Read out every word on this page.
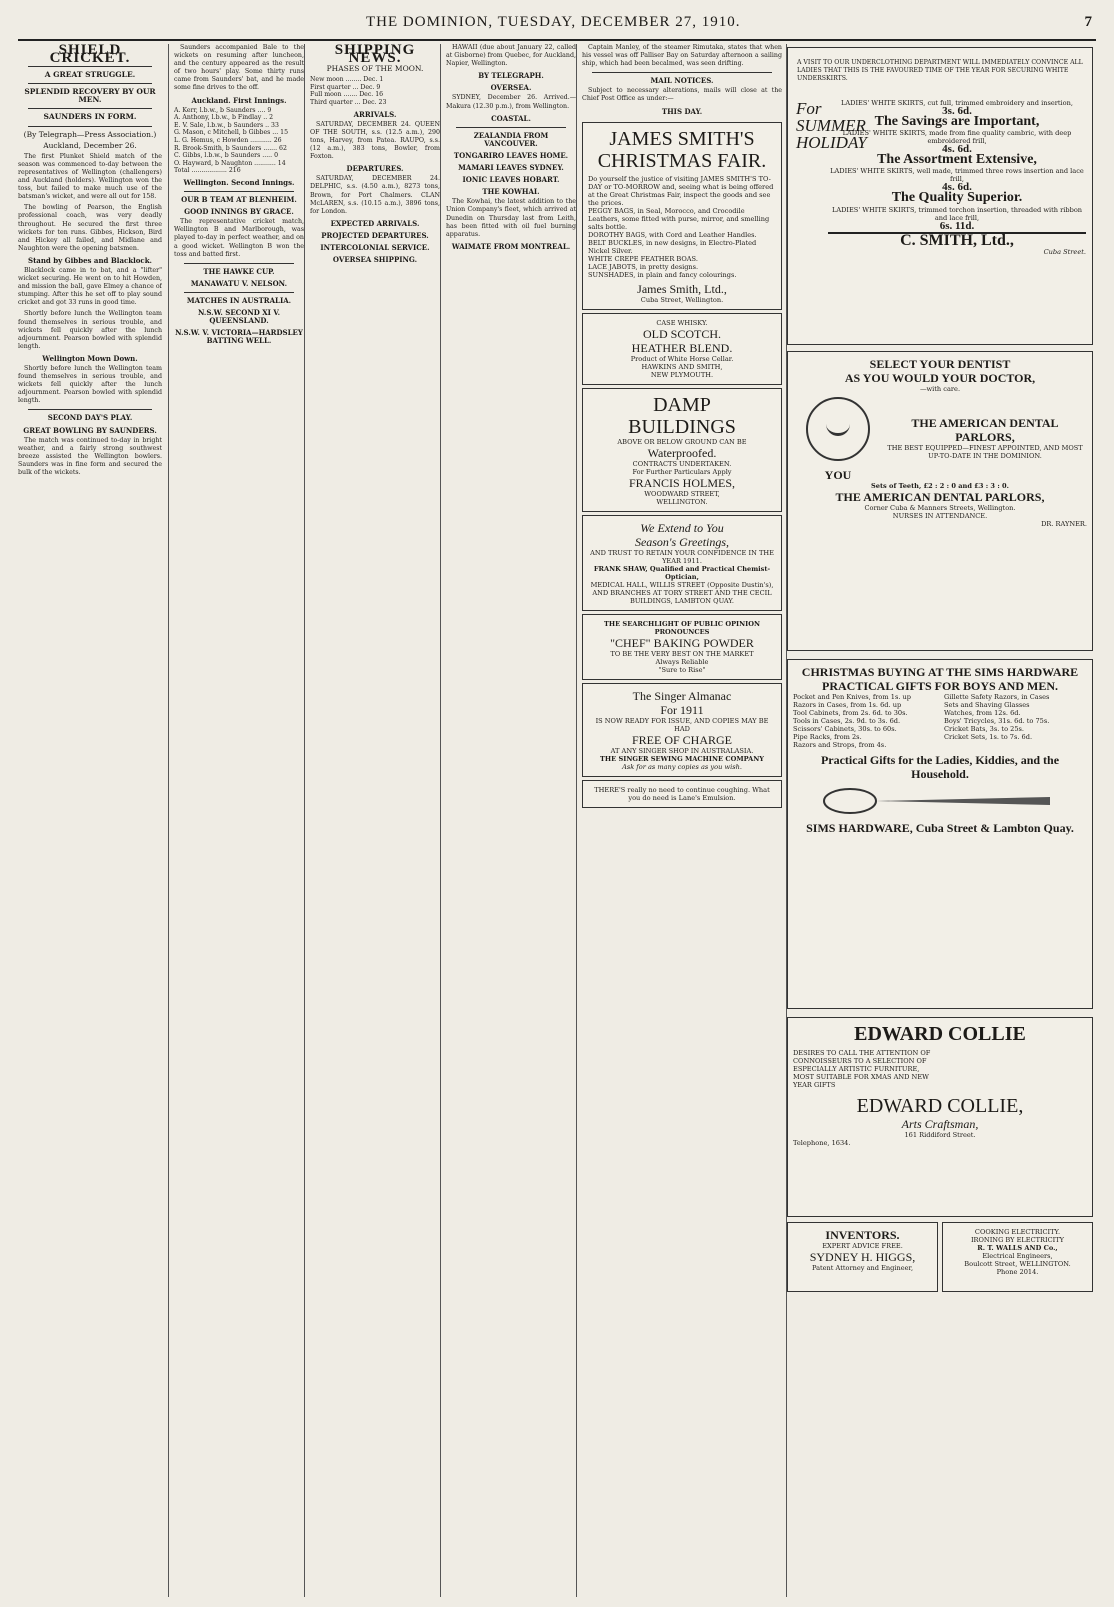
THE DOMINION, TUESDAY, DECEMBER 27, 1910.	7
SHIELD CRICKET.
A GREAT STRUGGLE.
SPLENDID RECOVERY BY OUR MEN.
SAUNDERS IN FORM.
(By Telegraph—Press Association.)
Auckland, December 26.

The first Plunket Shield match of the season was commenced to-day between the representatives of Wellington (challengers) and Auckland (holders). Wellington won the toss, but failed to make much use of the batsman's wicket, and were all out for 158.

The bowling of Pearson, the English professional coach, was very deadly throughout. He secured the first three wickets for ten runs. Gibbes, Hickson, Bird and Hickey all failed, and Midlane and Naughton were the opening batsmen.

Stand by Gibbes and Blacklock.

Blacklock came in to bat, and a "lifter" wicket securing. He went on to hit Howden, and mission the ball, gave Elmey a chance of stumping. After this he set off to play sound cricket and got 33 runs in good time.

Shortly before lunch the Wellington team found themselves in serious trouble, and wickets fell quickly after the lunch adjournment. Pearson bowled with splendid length.

Wellington Mown Down.

Shortly before lunch the Wellington team found themselves in serious trouble, and wickets fell quickly after the lunch adjournment. Pearson bowled with splendid length.

SECOND DAY'S PLAY.
GREAT BOWLING BY SAUNDERS.

The match was continued to-day in bright weather, and a fairly strong southwest breeze assisted the Wellington bowlers. Saunders was in fine form and secured the bulk of the wickets.

Saunders accompanied Bale to the wickets on resuming after luncheon, and the century appeared as the result of two hours' play. Some thirty runs came from Saunders' bat, and he made some fine drives to the off.

Auckland. First Innings.
A. Kerr, l.b.w., b Saunders .... 9
A. Anthony, l.b.w., b Findlay .. 2
E. V. Sale, l.b.w., b Saunders .. 33
G. Mason, c Mitchell, b Gibbes ... 15
L. G. Hemus, c Howden ........... 26
R. Brook-Smith, b Saunders ....... 62
C. Gibbs, l.b.w., b Saunders ..... 0
O. Hayward, b Naughton ........... 14
Total .................. 216
Wellington. Second Innings.
OUR B TEAM AT BLENHEIM.
GOOD INNINGS BY GRACE.

The representative cricket match, Wellington B and Marlborough, was played to-day in perfect weather, and on a good wicket. Wellington B won the toss and batted first.

THE HAWKE CUP.
MANAWATU V. NELSON.
MATCHES IN AUSTRALIA.
N.S.W. SECOND XI V. QUEENSLAND.
N.S.W. V. VICTORIA—HARDSLEY BATTING WELL.
SHIPPING NEWS.
PHASES OF THE MOON.
New moon ........ Dec. 1
First quarter ... Dec. 9
Full moon ....... Dec. 16
Third quarter ... Dec. 23
ARRIVALS.

SATURDAY, DECEMBER 24. QUEEN OF THE SOUTH, s.s. (12.5 a.m.), 290 tons, Harvey, from Patea. RAUPO, s.s. (12 a.m.), 383 tons, Bowler, from Foxton.

DEPARTURES.

SATURDAY, DECEMBER 24. DELPHIC, s.s. (4.50 a.m.), 8273 tons, Brown, for Port Chalmers. CLAN McLAREN, s.s. (10.15 a.m.), 3896 tons, for London.

EXPECTED ARRIVALS.
PROJECTED DEPARTURES.
INTERCOLONIAL SERVICE.
OVERSEA SHIPPING.

HAWAII (due about January 22, called at Gisborne) from Quebec, for Auckland, Napier, Wellington.

BY TELEGRAPH.
OVERSEA.

SYDNEY, December 26. Arrived.—Makura (12.30 p.m.), from Wellington.

COASTAL.
ZEALANDIA FROM VANCOUVER.
TONGARIRO LEAVES HOME.
MAMARI LEAVES SYDNEY.
IONIC LEAVES HOBART.
THE KOWHAI.

The Kowhai, the latest addition to the Union Company's fleet, which arrived at Dunedin on Thursday last from Leith, has been fitted with oil fuel burning apparatus.

WAIMATE FROM MONTREAL.

Captain Manley, of the steamer Rimutaka, states that when his vessel was off Palliser Bay on Saturday afternoon a sailing ship, which had been becalmed, was seen drifting.

MAIL NOTICES.

Subject to necessary alterations, mails will close at the Chief Post Office as under:—

THIS DAY.
JAMES SMITH'S
CHRISTMAS FAIR.
Do yourself the justice of visiting JAMES SMITH'S TO-DAY or TO-MORROW and, seeing what is being offered at the Great Christmas Fair, inspect the goods and see the prices.
PEGGY BAGS, in Seal, Morocco, and Crocodile Leathers, some fitted with purse, mirror, and smelling salts bottle.
DOROTHY BAGS, with Cord and Leather Handles.
BELT BUCKLES, in new designs, in Electro-Plated Nickel Silver.
WHITE CREPE FEATHER BOAS.
LACE JABOTS, in pretty designs.
SUNSHADES, in plain and fancy colourings.
James Smith, Ltd.,
Cuba Street, Wellington.
CASE WHISKY.
OLD SCOTCH.
HEATHER BLEND.
Product of White Horse Cellar.
HAWKINS AND SMITH,
NEW PLYMOUTH.
DAMP
BUILDINGS
ABOVE OR BELOW GROUND CAN BE
Waterproofed.
CONTRACTS UNDERTAKEN.
For Further Particulars Apply
FRANCIS HOLMES,
WOODWARD STREET,
WELLINGTON.
We Extend to You
Season's Greetings,
AND TRUST TO RETAIN YOUR CONFIDENCE IN THE YEAR 1911.
FRANK SHAW, Qualified and Practical Chemist-Optician,
MEDICAL HALL, WILLIS STREET (Opposite Dustin's), AND BRANCHES AT TORY STREET AND THE CECIL BUILDINGS, LAMBTON QUAY.
THE SEARCHLIGHT OF PUBLIC OPINION PRONOUNCES
"CHEF" BAKING POWDER
TO BE THE VERY BEST ON THE MARKET
Always Reliable
"Sure to Rise"
The Singer Almanac
For 1911
IS NOW READY FOR ISSUE, AND COPIES MAY BE HAD
FREE OF CHARGE
AT ANY SINGER SHOP IN AUSTRALASIA.
THE SINGER SEWING MACHINE COMPANY
Ask for as many copies as you wish.
THERE'S really no need to continue coughing. What you do need is Lane's Emulsion.
A VISIT TO OUR UNDERCLOTHING DEPARTMENT WILL IMMEDIATELY CONVINCE ALL LADIES THAT THIS IS THE FAVOURED TIME OF THE YEAR FOR SECURING WHITE UNDERSKIRTS.
For SUMMER HOLIDAY
LADIES' WHITE SKIRTS, cut full, trimmed embroidery and insertion,
3s. 6d.
The Savings are Important,
LADIES' WHITE SKIRTS, made from fine quality cambric, with deep embroidered frill,
4s. 6d.
The Assortment Extensive,
LADIES' WHITE SKIRTS, well made, trimmed three rows insertion and lace frill,
4s. 6d.
The Quality Superior.
LADIES' WHITE SKIRTS, trimmed torchon insertion, threaded with ribbon and lace frill,
6s. 11d.
C. SMITH, Ltd.,
Cuba Street.
SELECT YOUR DENTIST
AS YOU WOULD YOUR DOCTOR,
—with care.
YOU
THE AMERICAN DENTAL PARLORS,
THE BEST EQUIPPED—FINEST APPOINTED, AND MOST UP-TO-DATE IN THE DOMINION.
Sets of Teeth, £2 : 2 : 0 and £3 : 3 : 0.
THE AMERICAN DENTAL PARLORS,
Corner Cuba & Manners Streets, Wellington.
NURSES IN ATTENDANCE.
DR. RAYNER.
CHRISTMAS BUYING AT THE SIMS HARDWARE
PRACTICAL GIFTS FOR BOYS AND MEN.
Pocket and Pen Knives, from 1s. up
Razors in Cases, from 1s. 6d. up
Tool Cabinets, from 2s. 6d. to 30s.
Tools in Cases, 2s. 9d. to 3s. 6d.
Scissors' Cabinets, 30s. to 60s.
Pipe Racks, from 2s.
Razors and Strops, from 4s.
Gillette Safety Razors, in Cases
Sets and Shaving Glasses
Watches, from 12s. 6d.
Boys' Tricycles, 31s. 6d. to 75s.
Cricket Bats, 3s. to 25s.
Cricket Sets, 1s. to 7s. 6d.
Practical Gifts for the Ladies, Kiddies, and the Household.
SIMS HARDWARE, Cuba Street & Lambton Quay.
EDWARD COLLIE
DESIRES TO CALL THE ATTENTION OF CONNOISSEURS TO A SELECTION OF ESPECIALLY ARTISTIC FURNITURE, MOST SUITABLE FOR XMAS AND NEW YEAR GIFTS
EDWARD COLLIE,
Arts Craftsman,
161 Riddiford Street.
Telephone, 1634.
INVENTORS.
EXPERT ADVICE FREE.
SYDNEY H. HIGGS,
Patent Attorney and Engineer,
COOKING ELECTRICITY.
IRONING BY ELECTRICITY
R. T. WALLS AND Co.,
Electrical Engineers,
Boulcott Street, WELLINGTON.
Phone 2014.
